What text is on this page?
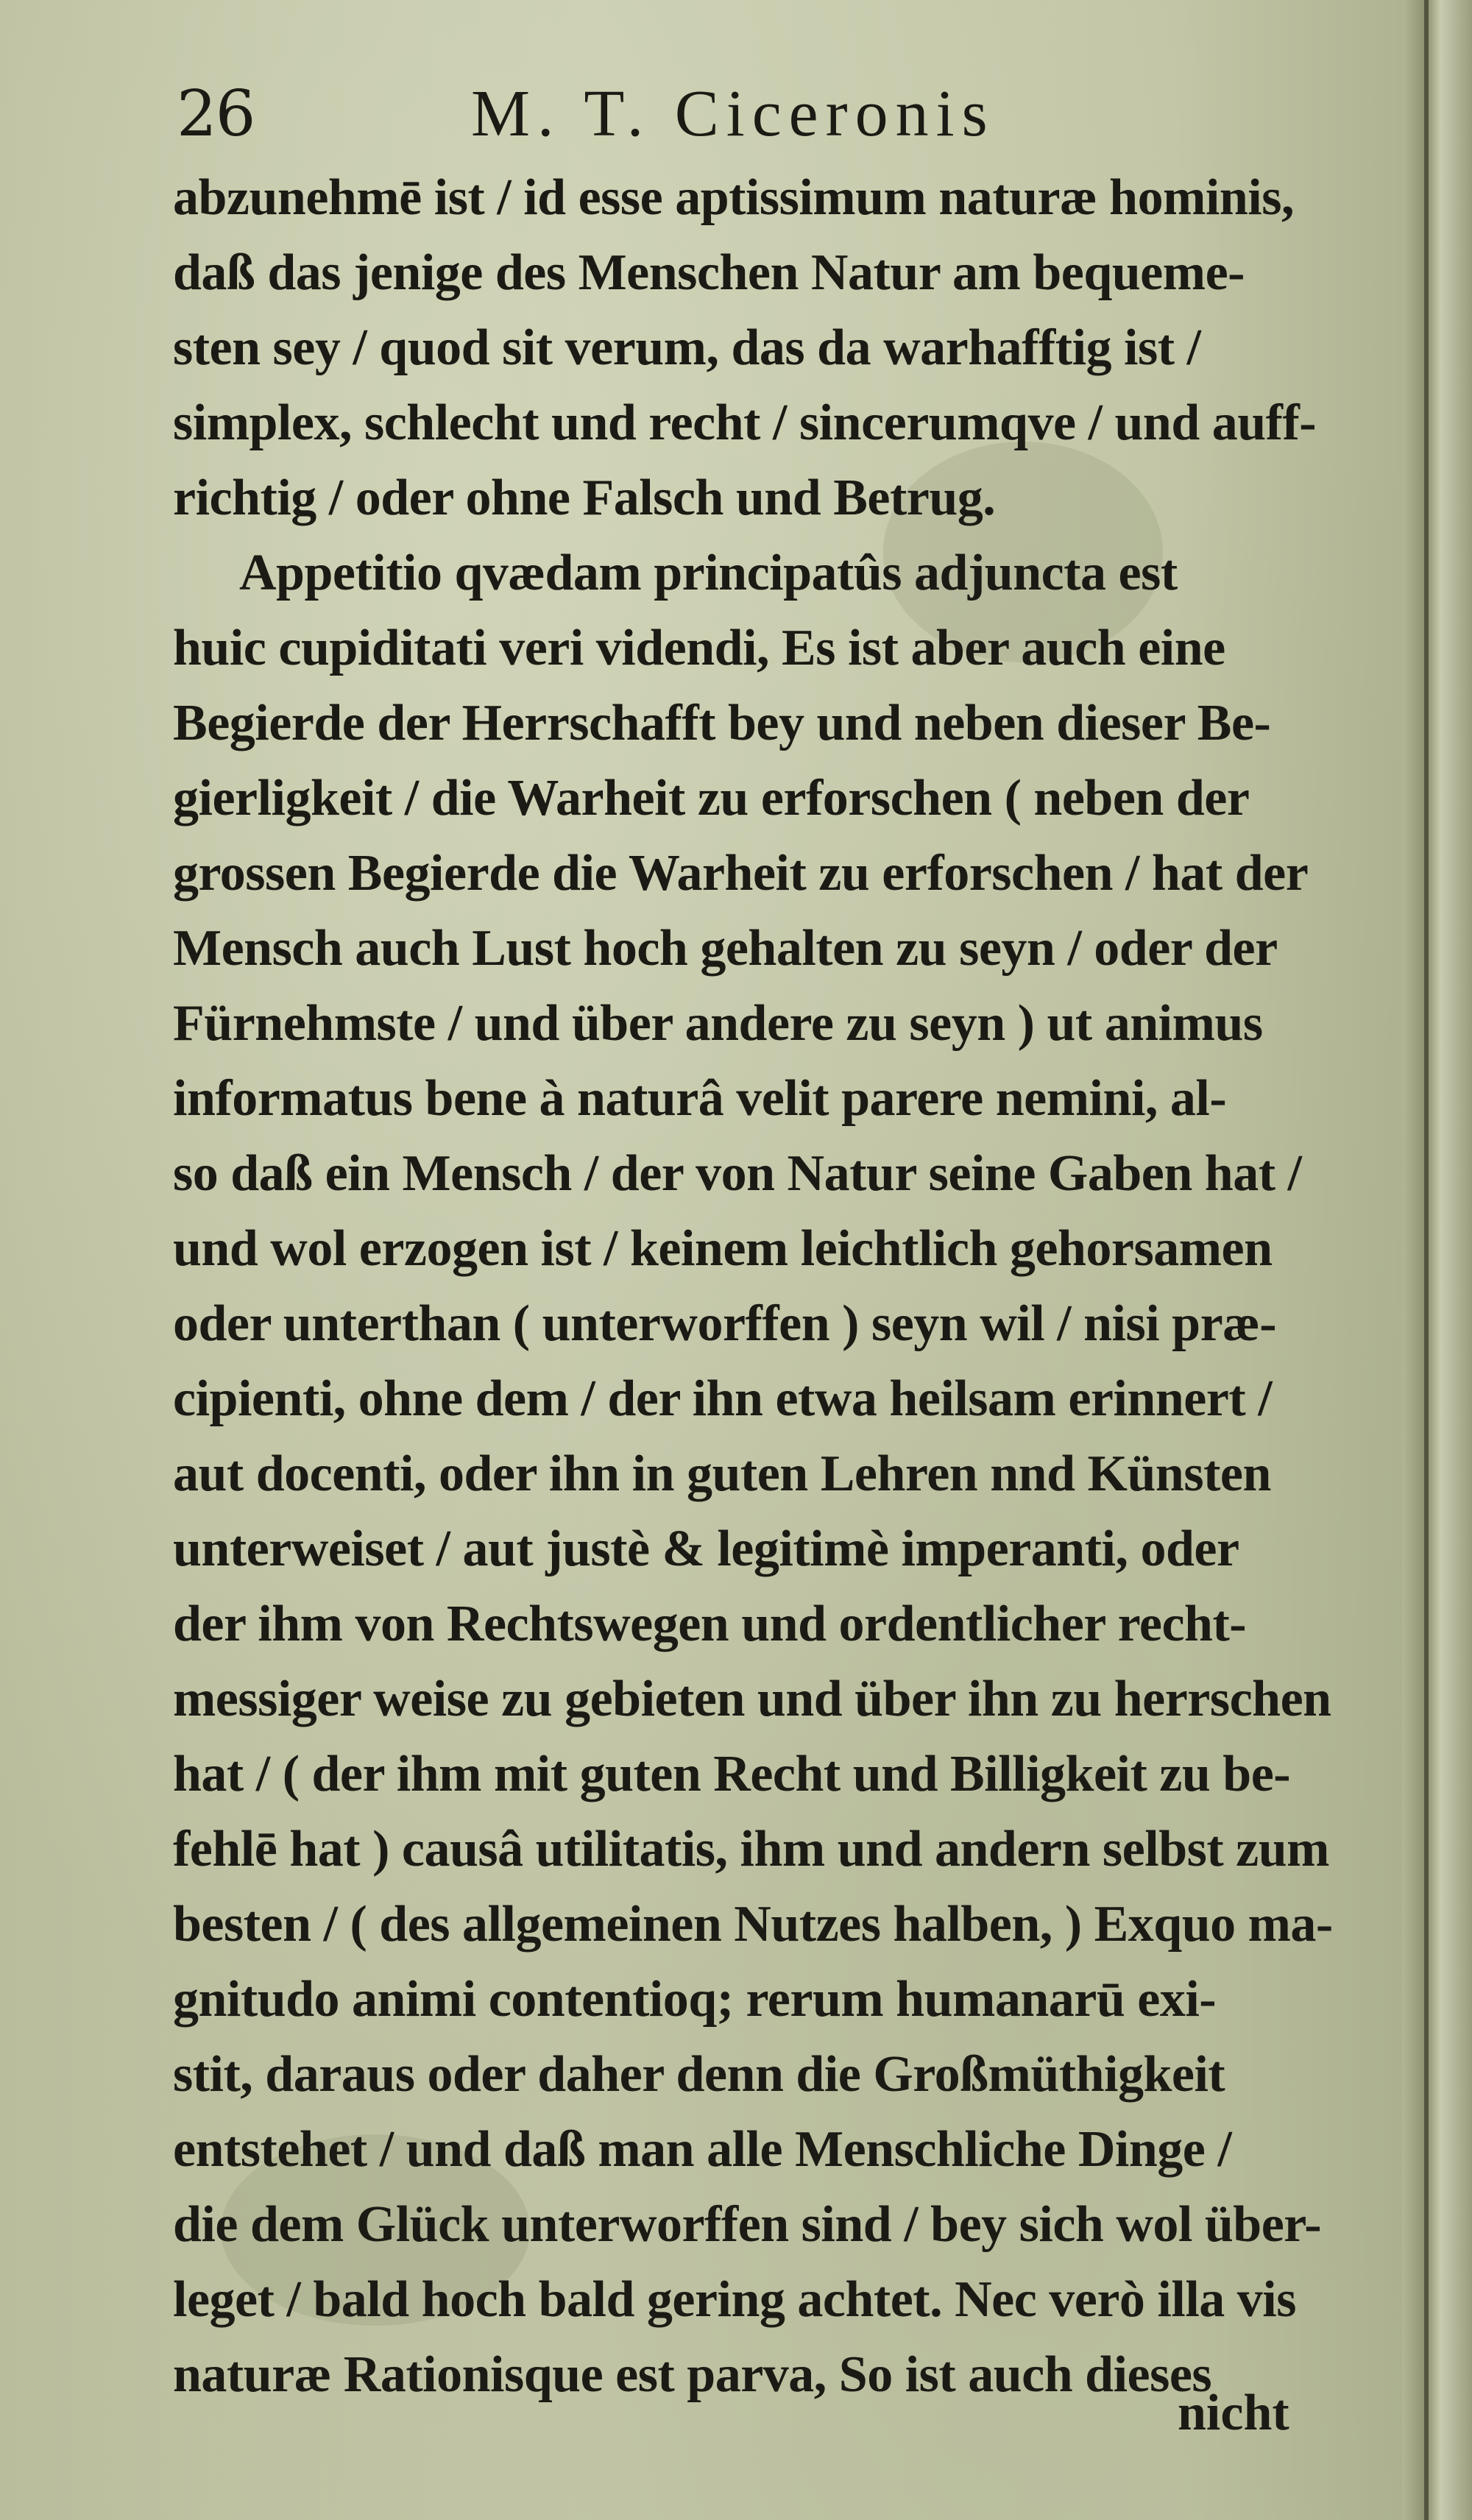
26	M. T. Ciceronis
abzunehmē ist / id esse aptissimum naturæ hominis,
daß das jenige des Menschen Natur am bequeme-
sten sey / quod sit verum, das da warhafftig ist /
simplex, schlecht und recht / sincerumqve / und auff-
richtig / oder ohne Falsch und Betrug.
Appetitio qvædam principatûs adjuncta est
huic cupiditati veri videndi, Es ist aber auch eine
Begierde der Herrschafft bey und neben dieser Be-
gierligkeit / die Warheit zu erforschen ( neben der
grossen Begierde die Warheit zu erforschen / hat der
Mensch auch Lust hoch gehalten zu seyn / oder der
Fürnehmste / und über andere zu seyn ) ut animus
informatus bene à naturâ velit parere nemini, al-
so daß ein Mensch / der von Natur seine Gaben hat /
und wol erzogen ist / keinem leichtlich gehorsamen
oder unterthan ( unterworffen ) seyn wil / nisi præ-
cipienti, ohne dem / der ihn etwa heilsam erinnert /
aut docenti, oder ihn in guten Lehren nnd Künsten
unterweiset / aut justè & legitimè imperanti, oder
der ihm von Rechtswegen und ordentlicher recht-
messiger weise zu gebieten und über ihn zu herrschen
hat / ( der ihm mit guten Recht und Billigkeit zu be-
fehlē hat ) causâ utilitatis, ihm und andern selbst zum
besten / ( des allgemeinen Nutzes halben, ) Exquo ma-
gnitudo animi contentioq; rerum humanarū exi-
stit, daraus oder daher denn die Großmüthigkeit
entstehet / und daß man alle Menschliche Dinge /
die dem Glück unterworffen sind / bey sich wol über-
leget / bald hoch bald gering achtet. Nec verò illa vis
naturæ Rationisque est parva, So ist auch dieses
nicht
